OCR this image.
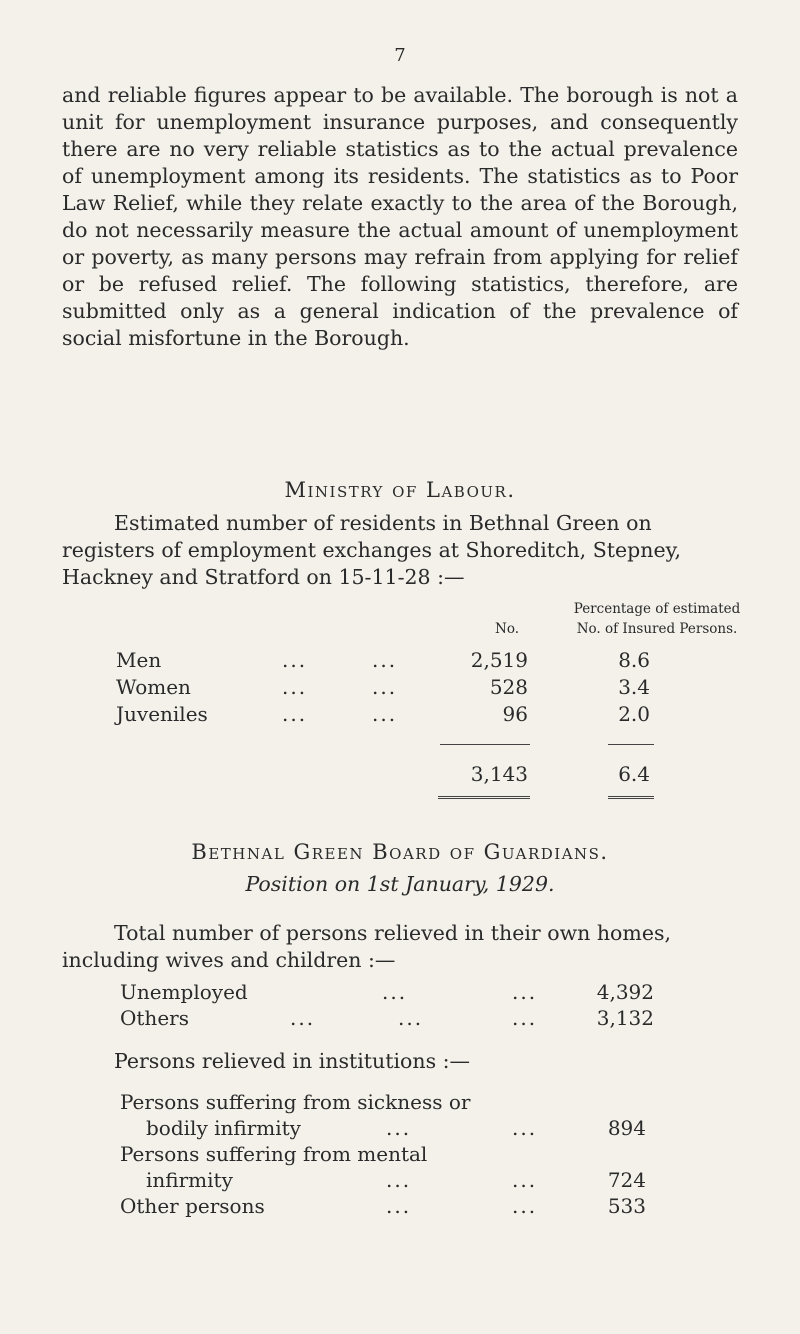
7

and reliable figures appear to be available. The borough is not a unit for unemployment insurance purposes, and consequently there are no very reliable statistics as to the actual prevalence of unemployment among its residents. The statistics as to Poor Law Relief, while they relate exactly to the area of the Borough, do not necessarily measure the actual amount of unemployment or poverty, as many persons may refrain from applying for relief or be refused relief. The following statistics, therefore, are submitted only as a general indication of the prevalence of social misfortune in the Borough.

Ministry of Labour.

Estimated number of residents in Bethnal Green on registers of employment exchanges at Shoreditch, Stepney, Hackney and Stratford on 15-11-28 :—

No.
Percentage of estimated
No. of Insured Persons.
Men	...	...	2,519	8.6
Women	...	...	528	3.4
Juveniles	...	...	96	2.0
3,143	6.4
Bethnal Green Board of Guardians.
Position on 1st January, 1929.

Total number of persons relieved in their own homes, including wives and children :—

Unemployed	...	...	4,392
Others	...	...	...	3,132

Persons relieved in institutions :—

Persons suffering from sickness or
bodily infirmity	...	...	894
Persons suffering from mental
infirmity	...	...	724
Other persons	...	...	533
